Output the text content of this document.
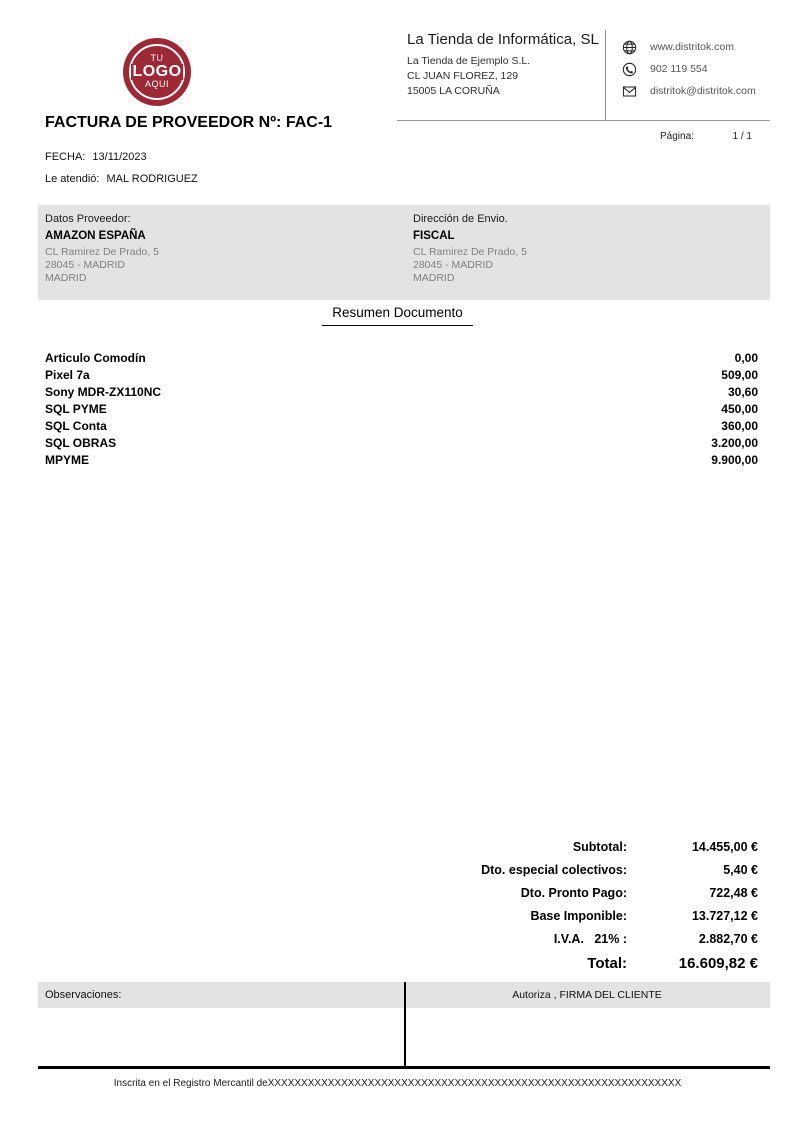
TU
LOGO
AQUI
La Tienda de Informática, SL
La Tienda de Ejemplo S.L.
CL JUAN FLOREZ, 129
15005 LA CORUÑA
www.distritok.com
902 119 554
distritok@distritok.com
FACTURA DE PROVEEDOR Nº: FAC-1
Página:	1 / 1
FECHA: 13/11/2023
Le atendió: MAL RODRIGUEZ
Datos Proveedor:
AMAZON ESPAÑA
CL Ramirez De Prado, 5
28045 - MADRID
MADRID
Dirección de Envio.
FISCAL
CL Ramirez De Prado, 5
28045 - MADRID
MADRID
Resumen Documento
Articulo Comodín	0,00
Pixel 7a	509,00
Sony MDR-ZX110NC	30,60
SQL PYME	450,00
SQL Conta	360,00
SQL OBRAS	3.200,00
MPYME	9.900,00
Subtotal:	14.455,00 €
Dto. especial colectivos:	5,40 €
Dto. Pronto Pago:	722,48 €
Base Imponible:	13.727,12 €
I.V.A.   21% :	2.882,70 €
Total:	16.609,82 €
Observaciones:	Autoriza , FIRMA DEL CLIENTE
Inscrita en el Registro Mercantil deXXXXXXXXXXXXXXXXXXXXXXXXXXXXXXXXXXXXXXXXXXXXXXXXXXXXXXXXXXXXXX
